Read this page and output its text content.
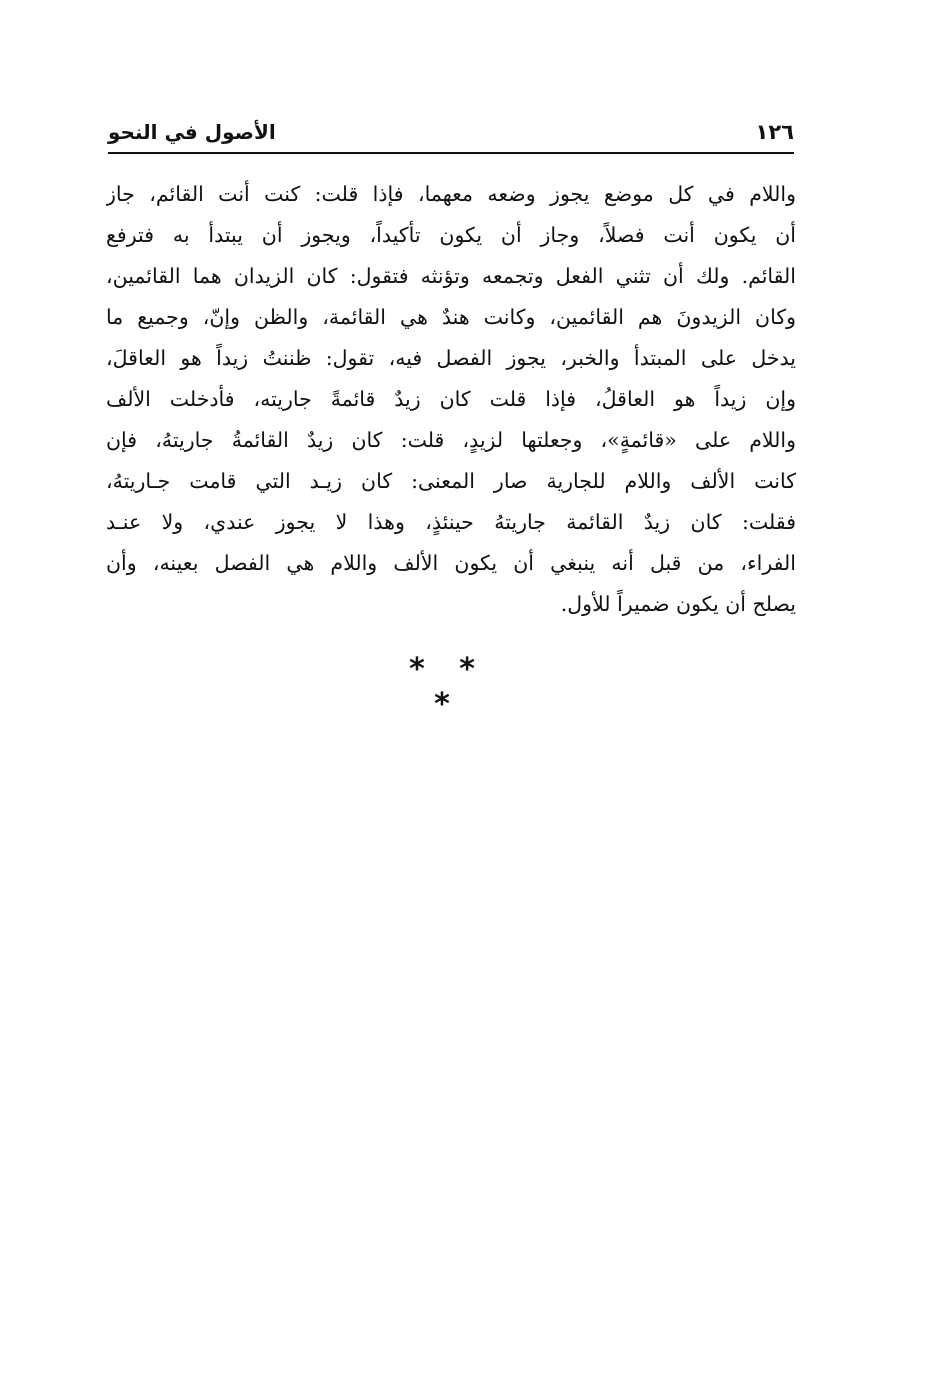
١٢٦
الأصول في النحو
واللام في كل موضع يجوز وضعه معهما، فإذا قلت: كنت أنت القائم، جاز
أن يكون أنت فصلاً، وجاز أن يكون تأكيداً، ويجوز أن يبتدأ به فترفع
القائم. ولك أن تثني الفعل وتجمعه وتؤنثه فتقول: كان الزيدان هما القائمين،
وكان الزيدونَ هم القائمين، وكانت هندٌ هي القائمة، والظن وإنّ، وجميع ما
يدخل على المبتدأ والخبر، يجوز الفصل فيه، تقول: ظننتُ زيداً هو العاقلَ،
وإن زيداً هو العاقلُ، فإذا قلت كان زيدٌ قائمةً جاريته، فأدخلت الألف
واللام على «قائمةٍ»، وجعلتها لزيدٍ، قلت: كان زيدٌ القائمةُ جاريتهُ، فإن
كانت الألف واللام للجارية صار المعنى: كان زيـد التي قامت جـاريتهُ،
فقلت: كان زيدٌ القائمة جاريتهُ حينئذٍ، وهذا لا يجوز عندي، ولا عنـد
الفراء، من قبل أنه ينبغي أن يكون الألف واللام هي الفصل بعينه، وأن
يصلح أن يكون ضميراً للأول.
* * *
